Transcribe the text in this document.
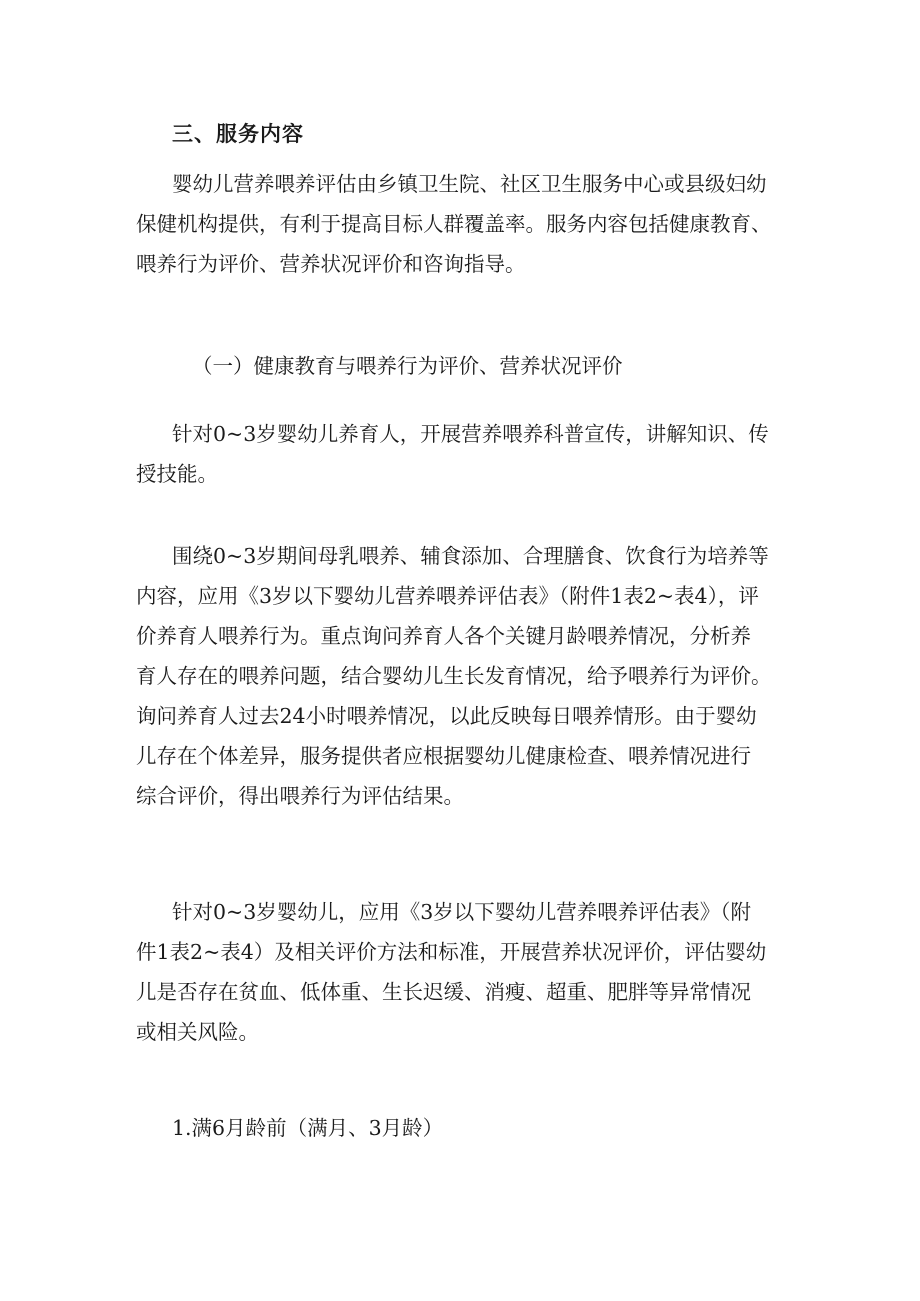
三、服务内容

婴幼儿营养喂养评估由乡镇卫生院、社区卫生服务中心或县级妇幼
保健机构提供，有利于提高目标人群覆盖率。服务内容包括健康教育、
喂养行为评价、营养状况评价和咨询指导。

（一）健康教育与喂养行为评价、营养状况评价

针对0~3岁婴幼儿养育人，开展营养喂养科普宣传，讲解知识、传
授技能。

围绕0~3岁期间母乳喂养、辅食添加、合理膳食、饮食行为培养等
内容，应用《3岁以下婴幼儿营养喂养评估表》（附件1表2~表4），评
价养育人喂养行为。重点询问养育人各个关键月龄喂养情况，分析养
育人存在的喂养问题，结合婴幼儿生长发育情况，给予喂养行为评价。
询问养育人过去24小时喂养情况，以此反映每日喂养情形。由于婴幼
儿存在个体差异，服务提供者应根据婴幼儿健康检查、喂养情况进行
综合评价，得出喂养行为评估结果。

针对0~3岁婴幼儿，应用《3岁以下婴幼儿营养喂养评估表》（附
件1表2~表4）及相关评价方法和标准，开展营养状况评价，评估婴幼
儿是否存在贫血、低体重、生长迟缓、消瘦、超重、肥胖等异常情况
或相关风险。

1.满6月龄前（满月、3月龄）
